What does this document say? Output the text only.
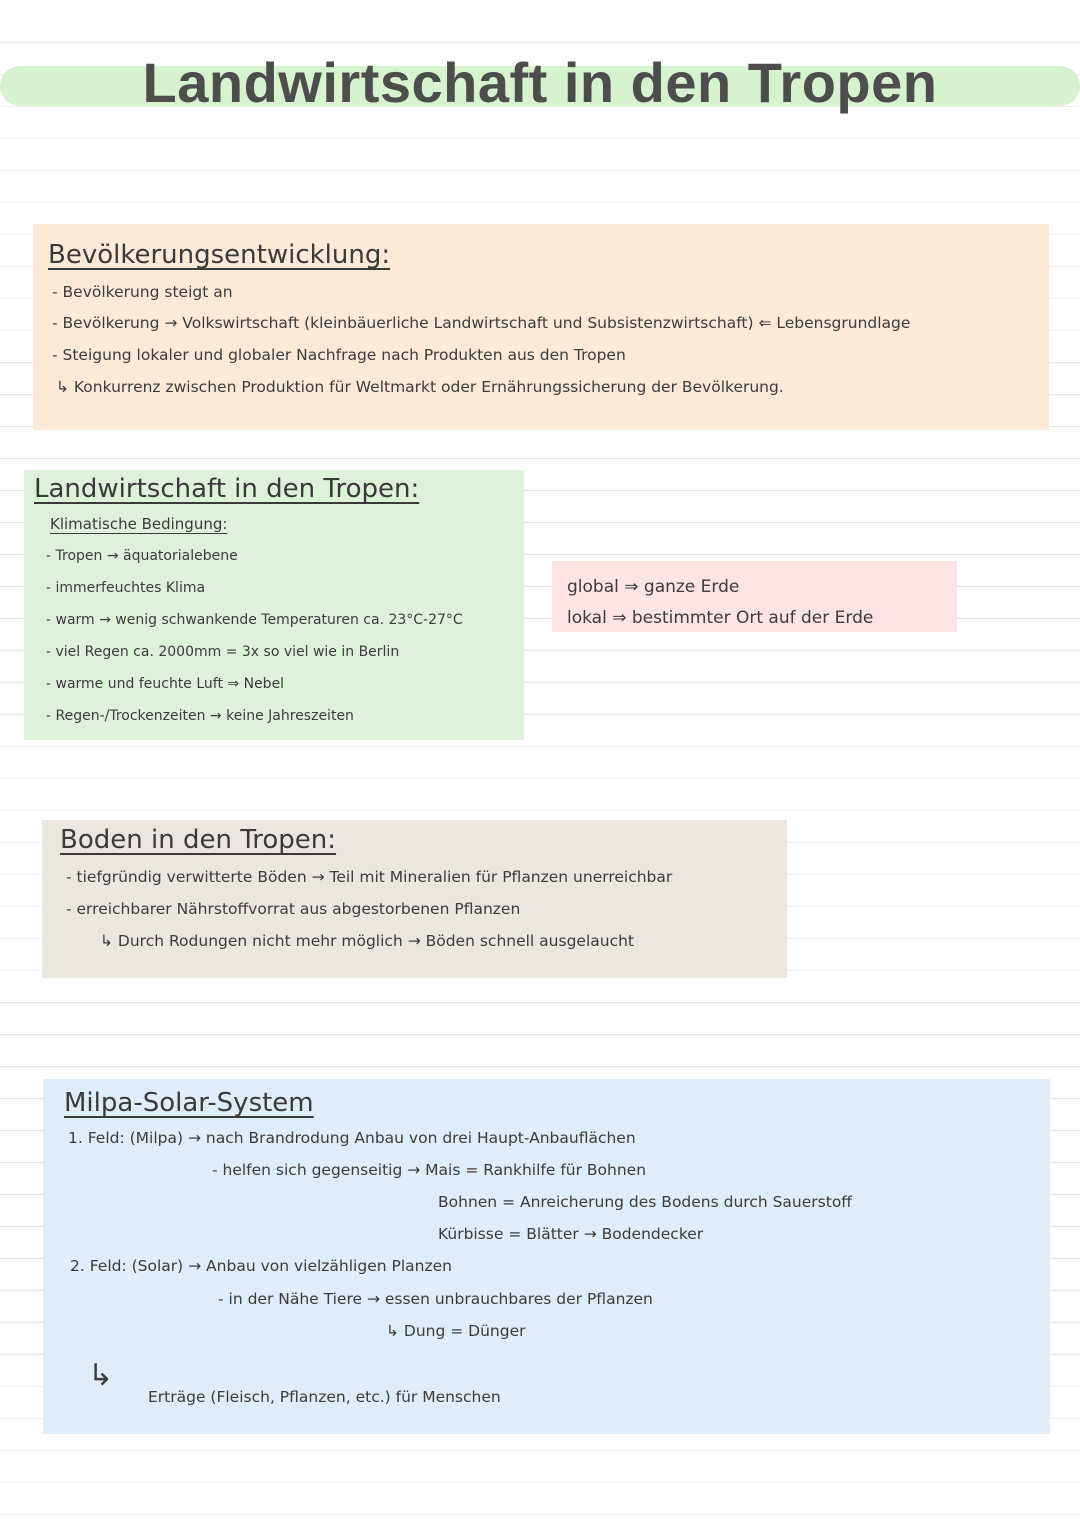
Landwirtschaft in den Tropen
Bevölkerungsentwicklung:
- Bevölkerung steigt an
- Bevölkerung → Volkswirtschaft (kleinbäuerliche Landwirtschaft und Subsistenzwirtschaft) ⇐ Lebensgrundlage
- Steigung lokaler und globaler Nachfrage nach Produkten aus den Tropen
↳ Konkurrenz zwischen Produktion für Weltmarkt oder Ernährungssicherung der Bevölkerung.
Landwirtschaft in den Tropen:
Klimatische Bedingung:
- Tropen → äquatorialebene
- immerfeuchtes Klima
- warm → wenig schwankende Temperaturen ca. 23°C-27°C
- viel Regen ca. 2000mm = 3x so viel wie in Berlin
- warme und feuchte Luft ⇒ Nebel
- Regen-/Trockenzeiten → keine Jahreszeiten
global ⇒ ganze Erde
lokal ⇒ bestimmter Ort auf der Erde
Boden in den Tropen:
- tiefgründig verwitterte Böden → Teil mit Mineralien für Pflanzen unerreichbar
- erreichbarer Nährstoffvorrat aus abgestorbenen Pflanzen
↳ Durch Rodungen nicht mehr möglich → Böden schnell ausgelaucht
Milpa-Solar-System
1. Feld: (Milpa) → nach Brandrodung Anbau von drei Haupt-Anbauflächen
- helfen sich gegenseitig → Mais = Rankhilfe für Bohnen
Bohnen = Anreicherung des Bodens durch Sauerstoff
Kürbisse = Blätter → Bodendecker
2. Feld: (Solar) → Anbau von vielzähligen Planzen
- in der Nähe Tiere → essen unbrauchbares der Pflanzen
↳ Dung = Dünger
↳
Erträge (Fleisch, Pflanzen, etc.) für Menschen
